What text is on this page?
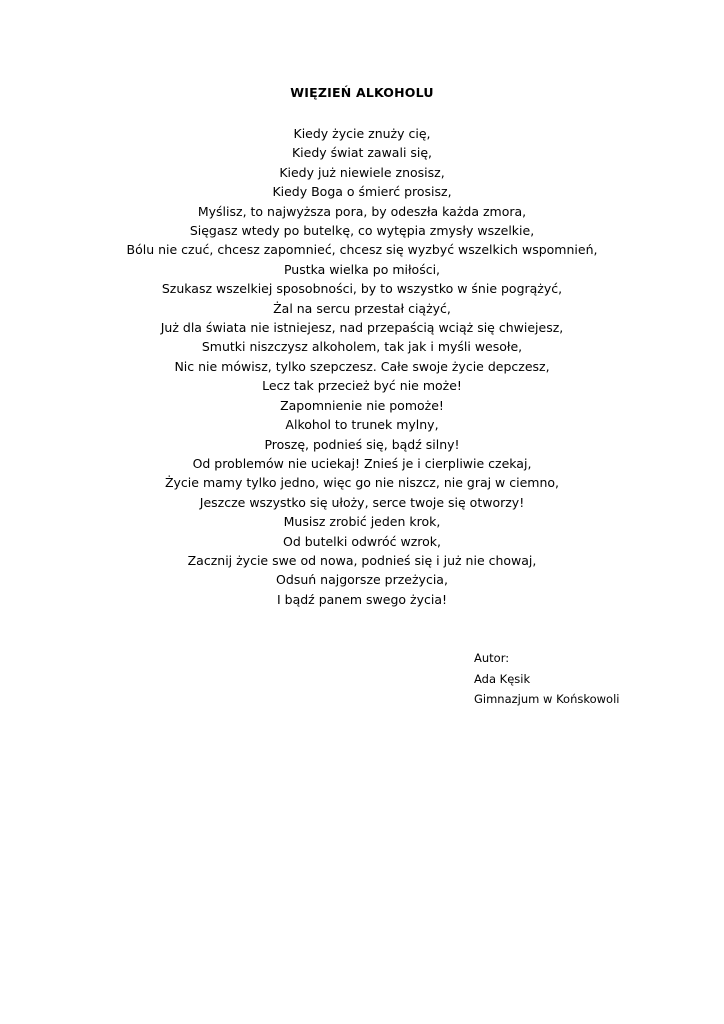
WIĘZIEŃ ALKOHOLU
Kiedy życie znuży cię,
Kiedy świat zawali się,
Kiedy już niewiele znosisz,
Kiedy Boga o śmierć prosisz,
Myślisz, to najwyższa pora, by odeszła każda zmora,
Sięgasz wtedy po butelkę, co wytępia zmysły wszelkie,
Bólu nie czuć, chcesz zapomnieć, chcesz się wyzbyć wszelkich wspomnień,
Pustka wielka po miłości,
Szukasz wszelkiej sposobności, by to wszystko w śnie pogrążyć,
Żal na sercu przestał ciążyć,
Już dla świata nie istniejesz, nad przepaścią wciąż się chwiejesz,
Smutki niszczysz alkoholem, tak jak i myśli wesołe,
Nic nie mówisz, tylko szepczesz. Całe swoje życie depczesz,
Lecz tak przecież być nie może!
Zapomnienie nie pomoże!
Alkohol to trunek mylny,
Proszę, podnieś się, bądź silny!
Od problemów nie uciekaj! Znieś je i cierpliwie czekaj,
Życie mamy tylko jedno, więc go nie niszcz, nie graj w ciemno,
Jeszcze wszystko się ułoży, serce twoje się otworzy!
Musisz zrobić jeden krok,
Od butelki odwróć wzrok,
Zacznij życie swe od nowa, podnieś się i już nie chowaj,
Odsuń najgorsze przeżycia,
I bądź panem swego życia!
Autor:
Ada Kęsik
Gimnazjum w Końskowoli
